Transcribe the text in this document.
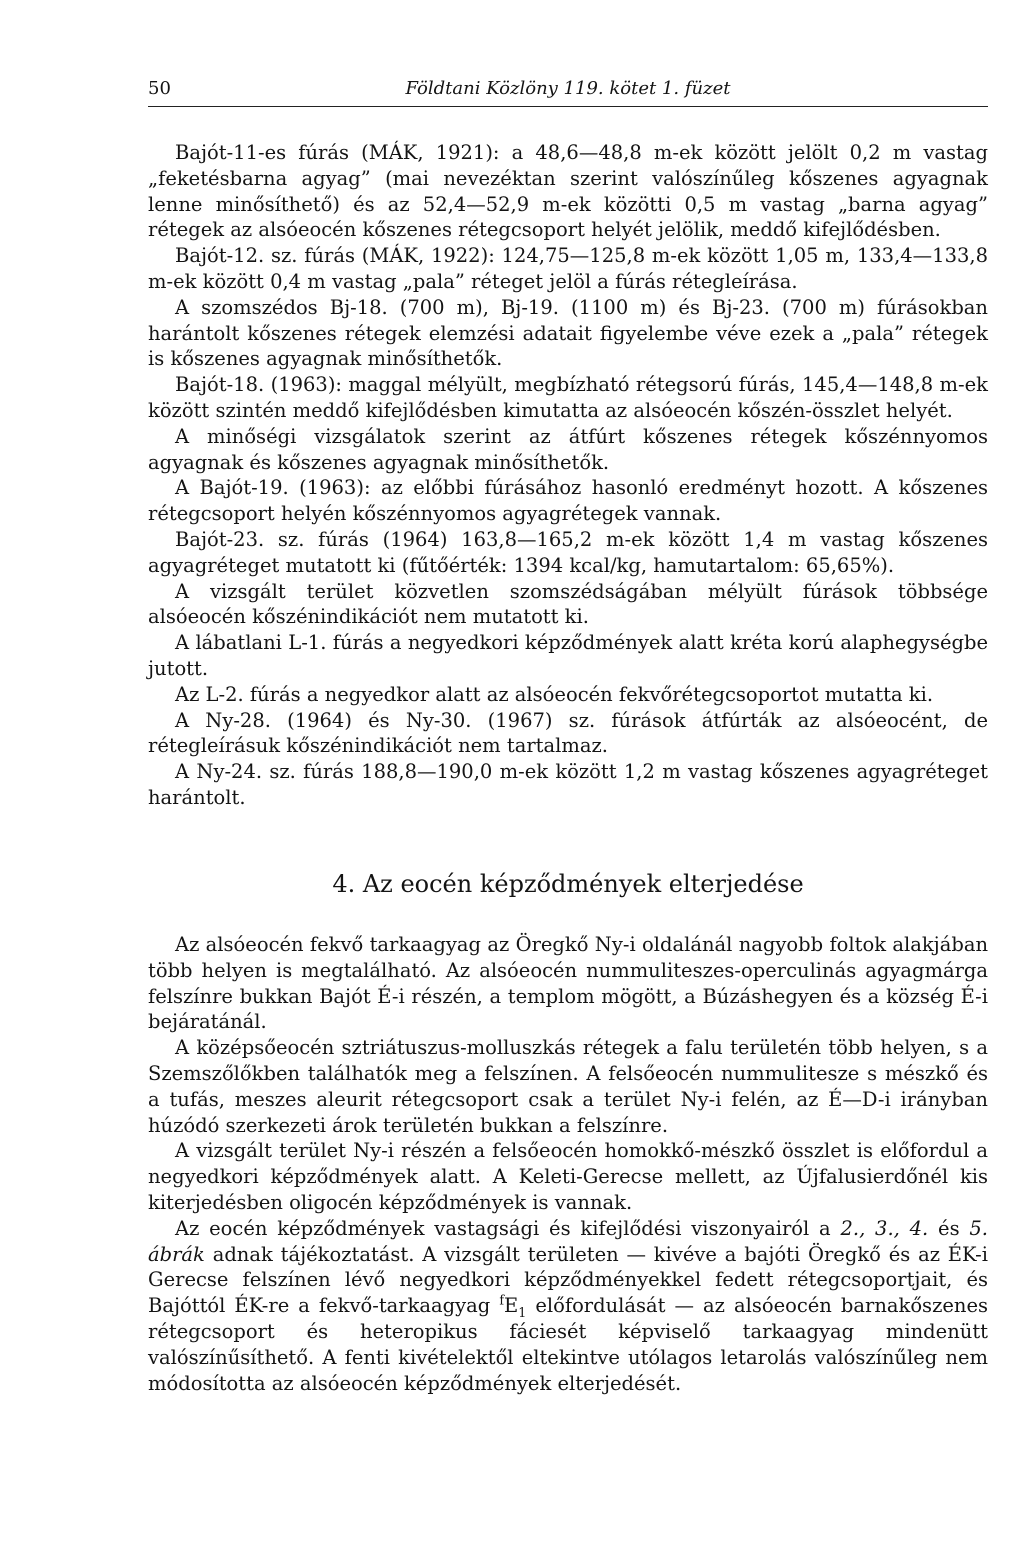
50	Földtani Közlöny 119. kötet 1. füzet

Bajót-11-es fúrás (MÁK, 1921): a 48,6—48,8 m-ek között jelölt 0,2 m vastag „feketésbarna agyag” (mai nevezéktan szerint valószínűleg kőszenes agyagnak lenne minősíthető) és az 52,4—52,9 m-ek közötti 0,5 m vastag „barna agyag” rétegek az alsóeocén kőszenes rétegcsoport helyét jelölik, meddő kifejlődésben.

Bajót-12. sz. fúrás (MÁK, 1922): 124,75—125,8 m-ek között 1,05 m, 133,4—133,8 m-ek között 0,4 m vastag „pala” réteget jelöl a fúrás rétegleírása.

A szomszédos Bj-18. (700 m), Bj-19. (1100 m) és Bj-23. (700 m) fúrásokban harántolt kőszenes rétegek elemzési adatait figyelembe véve ezek a „pala” rétegek is kőszenes agyagnak minősíthetők.

Bajót-18. (1963): maggal mélyült, megbízható rétegsorú fúrás, 145,4—148,8 m-ek között szintén meddő kifejlődésben kimutatta az alsóeocén kőszén-összlet helyét.

A minőségi vizsgálatok szerint az átfúrt kőszenes rétegek kőszénnyomos agyagnak és kőszenes agyagnak minősíthetők.

A Bajót-19. (1963): az előbbi fúrásához hasonló eredményt hozott. A kőszenes rétegcsoport helyén kőszénnyomos agyagrétegek vannak.

Bajót-23. sz. fúrás (1964) 163,8—165,2 m-ek között 1,4 m vastag kőszenes agyagréteget mutatott ki (fűtőérték: 1394 kcal/kg, hamutartalom: 65,65%).

A vizsgált terület közvetlen szomszédságában mélyült fúrások többsége alsóeocén kőszénindikációt nem mutatott ki.

A lábatlani L-1. fúrás a negyedkori képződmények alatt kréta korú alaphegységbe jutott.

Az L-2. fúrás a negyedkor alatt az alsóeocén fekvőrétegcsoportot mutatta ki.

A Ny-28. (1964) és Ny-30. (1967) sz. fúrások átfúrták az alsóeocént, de rétegleírásuk kőszénindikációt nem tartalmaz.

A Ny-24. sz. fúrás 188,8—190,0 m-ek között 1,2 m vastag kőszenes agyagréteget harántolt.

4. Az eocén képződmények elterjedése

Az alsóeocén fekvő tarkaagyag az Öregkő Ny-i oldalánál nagyobb foltok alakjában több helyen is megtalálható. Az alsóeocén nummuliteszes-operculinás agyagmárga felszínre bukkan Bajót É-i részén, a templom mögött, a Búzáshegyen és a község É-i bejáratánál.

A középsőeocén sztriátuszus-molluszkás rétegek a falu területén több helyen, s a Szemszőlőkben találhatók meg a felszínen. A felsőeocén nummulitesze s mészkő és a tufás, meszes aleurit rétegcsoport csak a terület Ny-i felén, az É—D-i irányban húzódó szerkezeti árok területén bukkan a felszínre.

A vizsgált terület Ny-i részén a felsőeocén homokkő-mészkő összlet is előfordul a negyedkori képződmények alatt. A Keleti-Gerecse mellett, az Újfalusierdőnél kis kiterjedésben oligocén képződmények is vannak.

Az eocén képződmények vastagsági és kifejlődési viszonyairól a 2., 3., 4. és 5. ábrák adnak tájékoztatást. A vizsgált területen — kivéve a bajóti Öregkő és az ÉK-i Gerecse felszínen lévő negyedkori képződményekkel fedett rétegcsoportjait, és Bajóttól ÉK-re a fekvő-tarkaagyag $^fE_1$ előfordulását — az alsóeocén barnakőszenes rétegcsoport és heteropikus fáciesét képviselő tarkaagyag mindenütt valószínűsíthető. A fenti kivételektől eltekintve utólagos letarolás valószínűleg nem módosította az alsóeocén képződmények elterjedését.
